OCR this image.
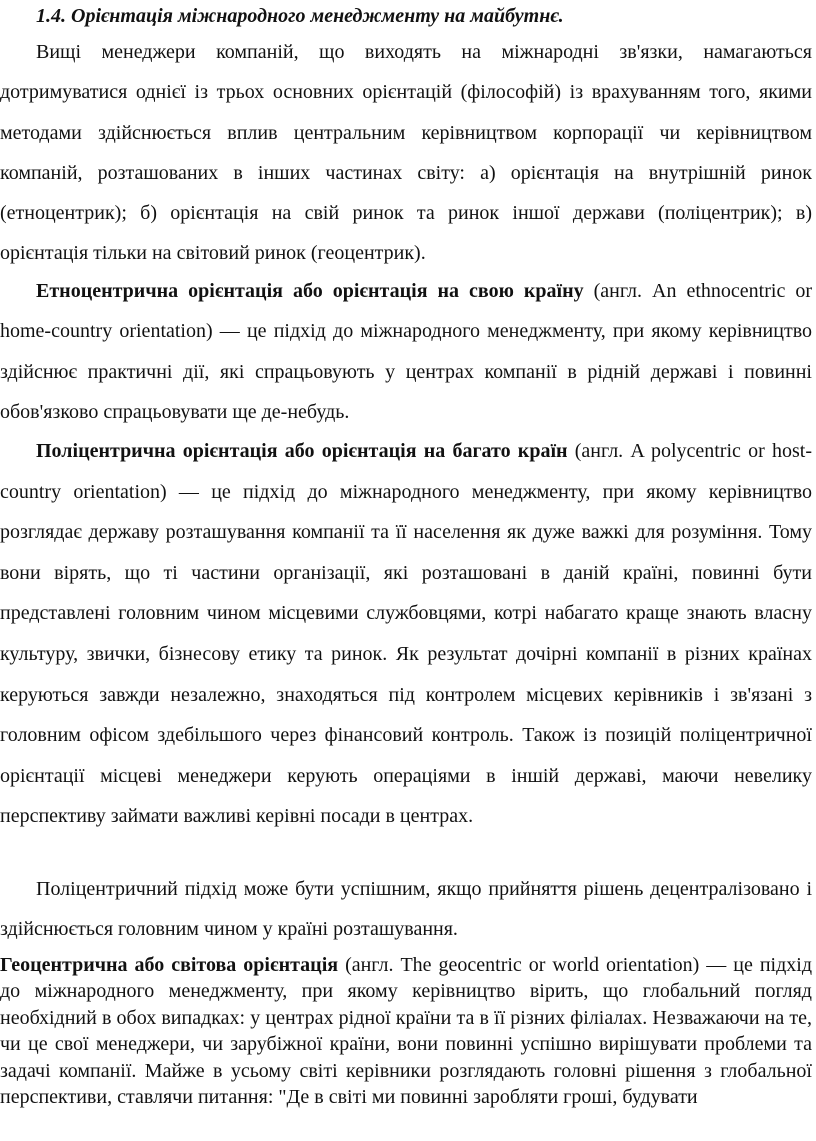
1.4. Орієнтація міжнародного менеджменту на майбутнє.

Вищі менеджери компаній, що виходять на міжнародні зв'язки, намагаються дотримуватися однієї із трьох основних орієнтацій (філософій) із врахуванням того, якими методами здійснюється вплив центральним керівництвом корпорації чи керівництвом компаній, розташованих в інших частинах світу: а) орієнтація на внутрішній ринок (етноцентрик); б) орієнтація на свій ринок та ринок іншої держави (поліцентрик); в) орієнтація тільки на світовий ринок (геоцентрик).

Етноцентрична орієнтація або орієнтація на свою країну (англ. An ethnocentric or home-country orientation) — це підхід до міжнародного менеджменту, при якому керівництво здійснює практичні дії, які спрацьовують у центрах компанії в рідній державі і повинні обов'язково спрацьовувати ще де-небудь.

Поліцентрична орієнтація або орієнтація на багато країн (англ. A polycentric or host-country orientation) — це підхід до міжнародного менеджменту, при якому керівництво розглядає державу розташування компанії та її населення як дуже важкі для розуміння. Тому вони вірять, що ті частини організації, які розташовані в даній країні, повинні бути представлені головним чином місцевими службовцями, котрі набагато краще знають власну культуру, звички, бізнесову етику та ринок. Як результат дочірні компанії в різних країнах керуються завжди незалежно, знаходяться під контролем місцевих керівників і зв'язані з головним офісом здебільшого через фінансовий контроль. Також із позицій поліцентричної орієнтації місцеві менеджери керують операціями в іншій державі, маючи невелику перспективу займати важливі керівні посади в центрах.

Поліцентричний підхід може бути успішним, якщо прийняття рішень децентралізовано і здійснюється головним чином у країні розташування.

Геоцентрична або світова орієнтація (англ. The geocentric or world orientation) — це підхід до міжнародного менеджменту, при якому керівництво вірить, що глобальний погляд необхідний в обох випадках: у центрах рідної країни та в її різних філіалах. Незважаючи на те, чи це свої менеджери, чи зарубіжної країни, вони повинні успішно вирішувати проблеми та задачі компанії. Майже в усьому світі керівники розглядають головні рішення з глобальної перспективи, ставлячи питання: "Де в світі ми повинні заробляти гроші, будувати
